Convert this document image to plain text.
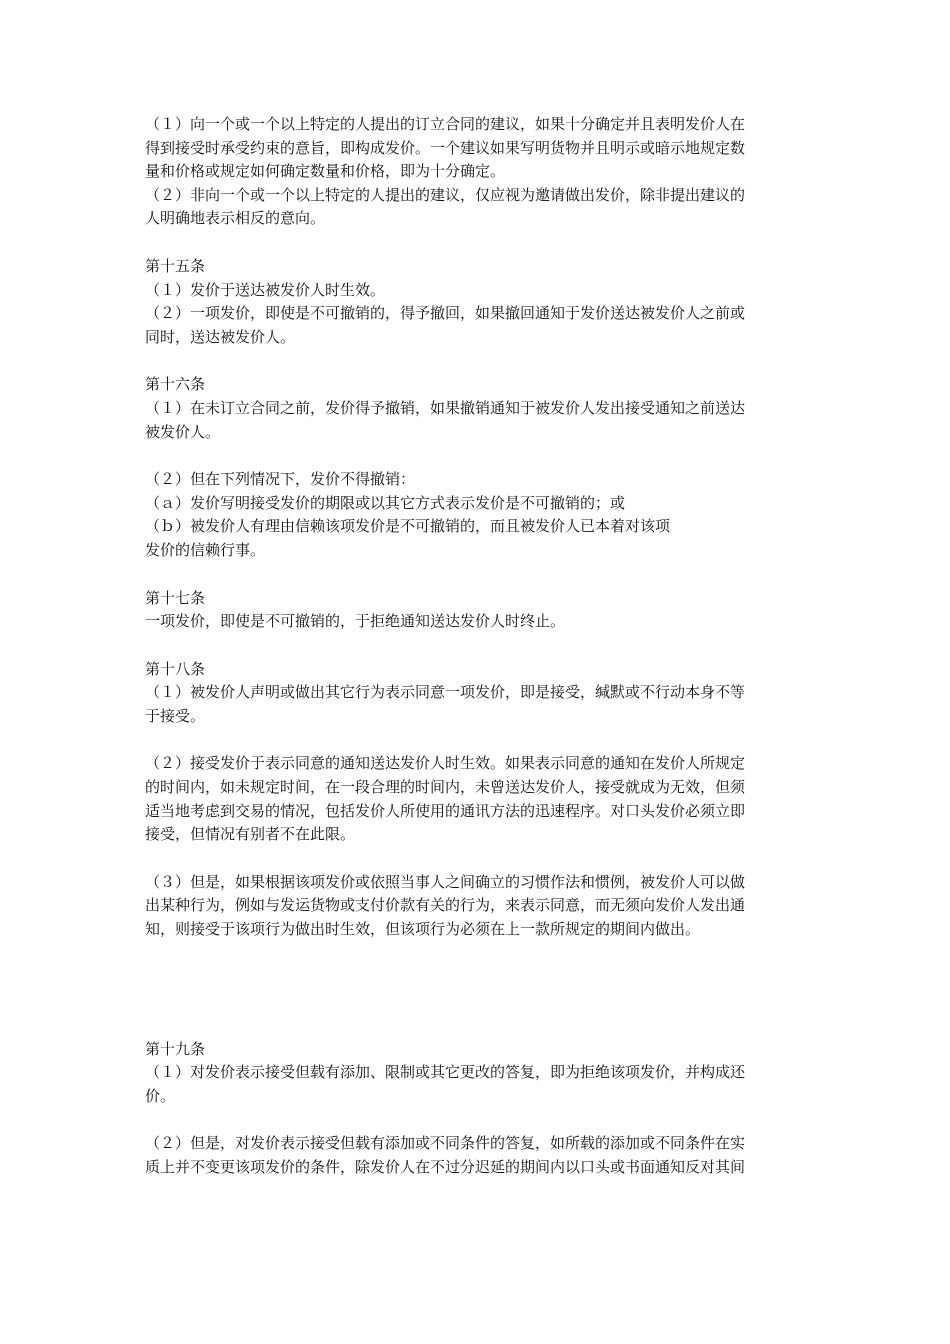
（１）向一个或一个以上特定的人提出的订立合同的建议，如果十分确定并且表明发价人在
得到接受时承受约束的意旨，即构成发价。一个建议如果写明货物并且明示或暗示地规定数
量和价格或规定如何确定数量和价格，即为十分确定。
（２）非向一个或一个以上特定的人提出的建议，仅应视为邀请做出发价，除非提出建议的
人明确地表示相反的意向。
第十五条
（１）发价于送达被发价人时生效。
（２）一项发价，即使是不可撤销的，得予撤回，如果撤回通知于发价送达被发价人之前或
同时，送达被发价人。
第十六条
（１）在未订立合同之前，发价得予撤销，如果撤销通知于被发价人发出接受通知之前送达
被发价人。
（２）但在下列情况下，发价不得撤销：
（ａ）发价写明接受发价的期限或以其它方式表示发价是不可撤销的；或
（ｂ）被发价人有理由信赖该项发价是不可撤销的，而且被发价人已本着对该项
发价的信赖行事。
第十七条
一项发价，即使是不可撤销的，于拒绝通知送达发价人时终止。
第十八条
（１）被发价人声明或做出其它行为表示同意一项发价，即是接受，缄默或不行动本身不等
于接受。
（２）接受发价于表示同意的通知送达发价人时生效。如果表示同意的通知在发价人所规定
的时间内，如未规定时间，在一段合理的时间内，未曾送达发价人，接受就成为无效，但须
适当地考虑到交易的情况，包括发价人所使用的通讯方法的迅速程序。对口头发价必须立即
接受，但情况有别者不在此限。
（３）但是，如果根据该项发价或依照当事人之间确立的习惯作法和惯例，被发价人可以做
出某种行为，例如与发运货物或支付价款有关的行为，来表示同意，而无须向发价人发出通
知，则接受于该项行为做出时生效，但该项行为必须在上一款所规定的期间内做出。
第十九条
（１）对发价表示接受但载有添加、限制或其它更改的答复，即为拒绝该项发价，并构成还
价。
（２）但是，对发价表示接受但载有添加或不同条件的答复，如所载的添加或不同条件在实
质上并不变更该项发价的条件，除发价人在不过分迟延的期间内以口头或书面通知反对其间
